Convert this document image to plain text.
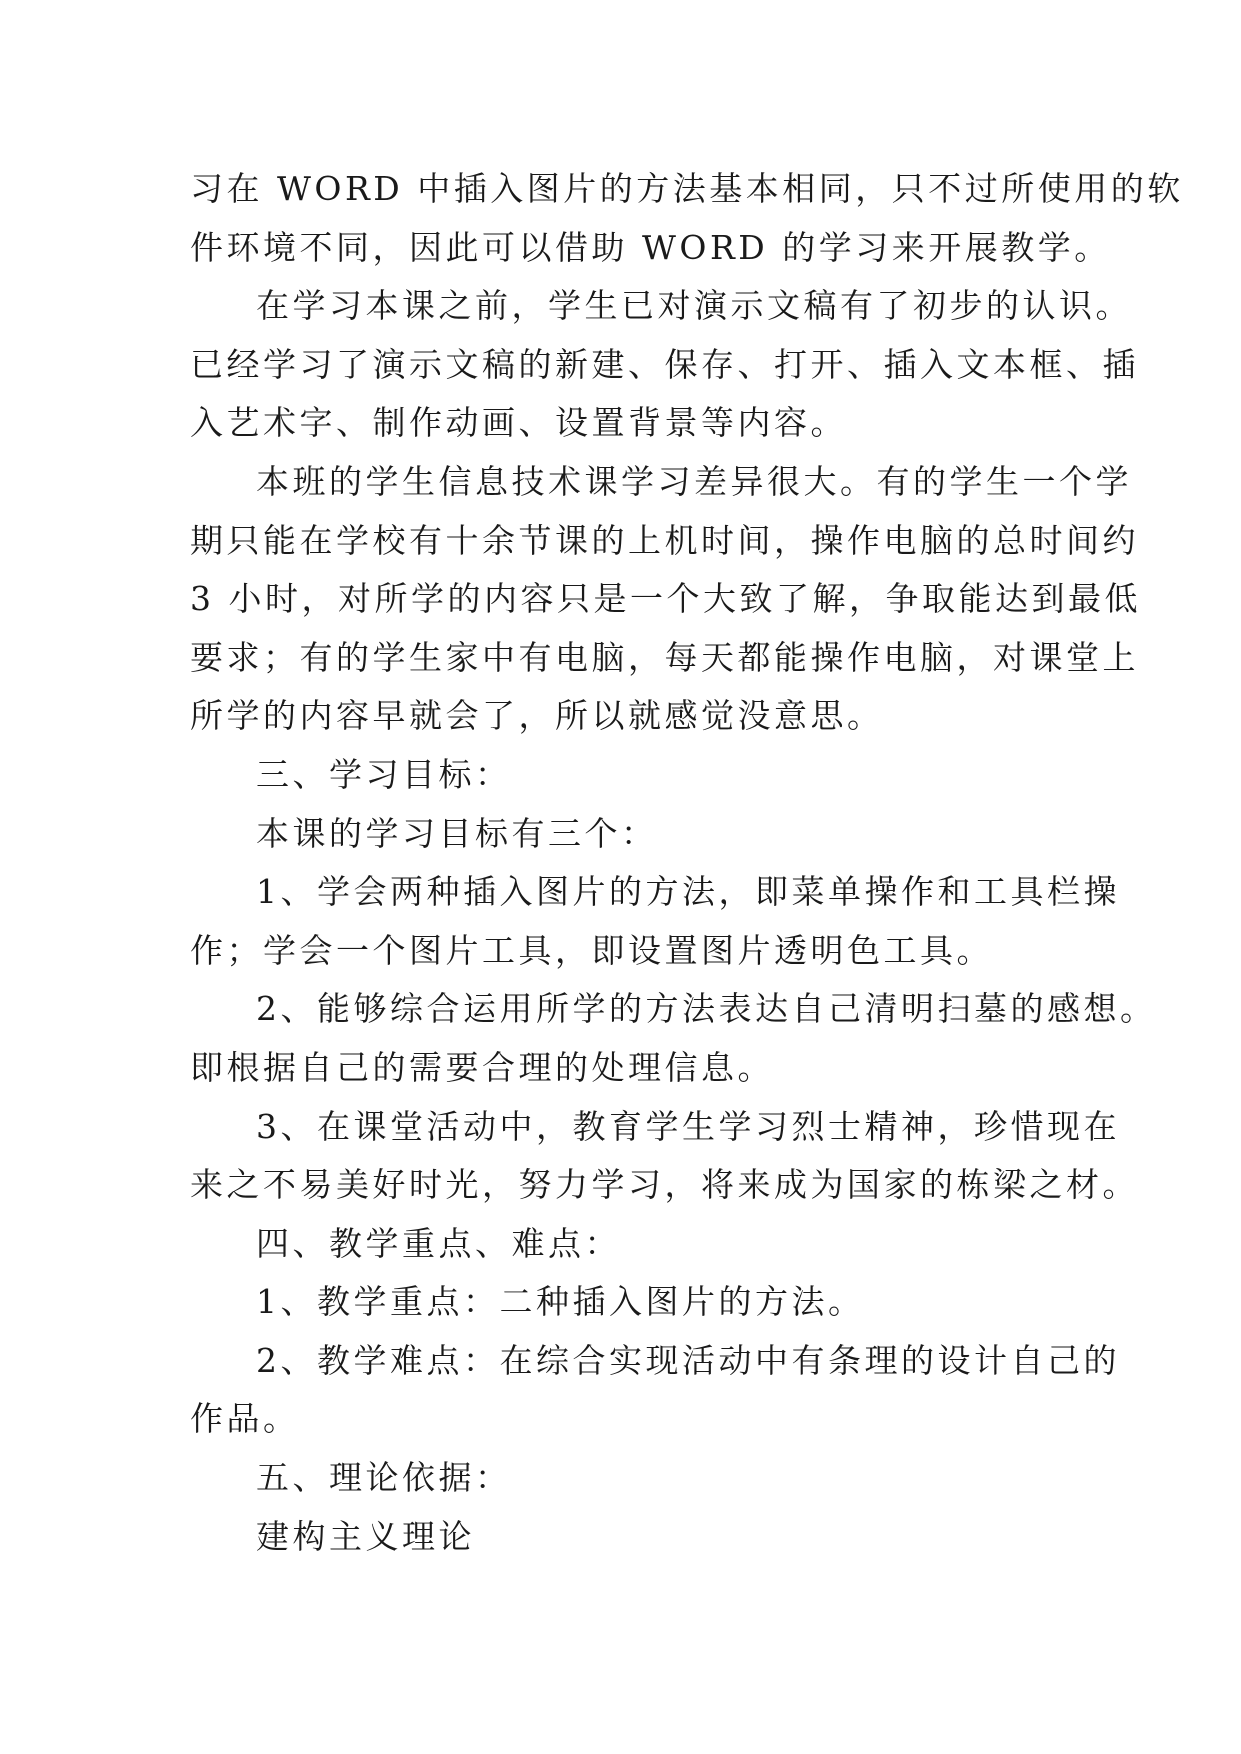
习在 WORD 中插入图片的方法基本相同，只不过所使用的软
件环境不同，因此可以借助 WORD 的学习来开展教学。
在学习本课之前，学生已对演示文稿有了初步的认识。
已经学习了演示文稿的新建、保存、打开、插入文本框、插
入艺术字、制作动画、设置背景等内容。
本班的学生信息技术课学习差异很大。有的学生一个学
期只能在学校有十余节课的上机时间，操作电脑的总时间约
3 小时，对所学的内容只是一个大致了解，争取能达到最低
要求；有的学生家中有电脑，每天都能操作电脑，对课堂上
所学的内容早就会了，所以就感觉没意思。
三、学习目标：
本课的学习目标有三个：
1、学会两种插入图片的方法，即菜单操作和工具栏操
作；学会一个图片工具，即设置图片透明色工具。
2、能够综合运用所学的方法表达自己清明扫墓的感想。
即根据自己的需要合理的处理信息。
3、在课堂活动中，教育学生学习烈士精神，珍惜现在
来之不易美好时光，努力学习，将来成为国家的栋梁之材。
四、教学重点、难点：
1、教学重点：二种插入图片的方法。
2、教学难点：在综合实现活动中有条理的设计自己的
作品。
五、理论依据：
建构主义理论
